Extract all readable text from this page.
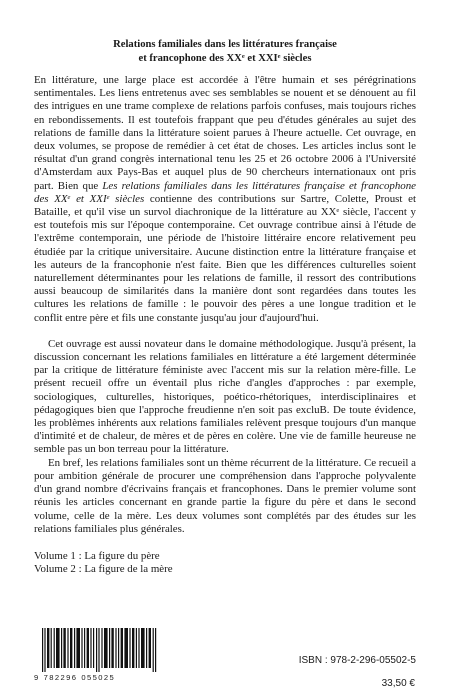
Relations familiales dans les littératures française
et francophone des XXe et XXIe siècles

En littérature, une large place est accordée à l'être humain et ses pérégrinations sentimentales. Les liens entretenus avec ses semblables se nouent et se dénouent au fil des intrigues en une trame complexe de relations parfois confuses, mais toujours riches en rebondissements. Il est toutefois frappant que peu d'études générales au sujet des relations de famille dans la littérature soient parues à l'heure actuelle. Cet ouvrage, en deux volumes, se propose de remédier à cet état de choses. Les articles inclus sont le résultat d'un grand congrès international tenu les 25 et 26 octobre 2006 à l'Université d'Amsterdam aux Pays-Bas et auquel plus de 90 chercheurs internationaux ont pris part. Bien que Les relations familiales dans les littératures française et francophone des XXe et XXIe siècles contienne des contributions sur Sartre, Colette, Proust et Bataille, et qu'il vise un survol diachronique de la littérature au XXe siècle, l'accent y est toutefois mis sur l'époque contemporaine. Cet ouvrage contribue ainsi à l'étude de l'extrême contemporain, une période de l'histoire littéraire encore relativement peu étudiée par la critique universitaire. Aucune distinction entre la littérature française et les auteurs de la francophonie n'est faite. Bien que les différences culturelles soient naturellement déterminantes pour les relations de famille, il ressort des contributions aussi beaucoup de similarités dans la manière dont sont regardées dans toutes les cultures les relations de famille : le pouvoir des pères a une longue tradition et le conflit entre père et fils une constante jusqu'au jour d'aujourd'hui.

Cet ouvrage est aussi novateur dans le domaine méthodologique. Jusqu'à présent, la discussion concernant les relations familiales en littérature a été largement déterminée par la critique de littérature féministe avec l'accent mis sur la relation mère-fille. Le présent recueil offre un éventail plus riche d'angles d'approches : par exemple, sociologiques, culturelles, historiques, poético-rhétoriques, interdisciplinaires et pédagogiques bien que l'approche freudienne n'en soit pas excluB. De toute évidence, les problèmes inhérents aux relations familiales relèvent presque toujours d'un manque d'intimité et de chaleur, de mères et de pères en colère. Une vie de famille heureuse ne semble pas un bon terreau pour la littérature.

En bref, les relations familiales sont un thème récurrent de la littérature. Ce recueil a pour ambition générale de procurer une compréhension dans l'approche polyvalente d'un grand nombre d'écrivains français et francophones. Dans le premier volume sont réunis les articles concernant en grande partie la figure du père et dans le second volume, celle de la mère. Les deux volumes sont complétés par des études sur les relations familiales plus générales.

Volume 1 : La figure du père
Volume 2 : La figure de la mère
9 782296 055025
ISBN : 978-2-296-05502-5
33,50 €
